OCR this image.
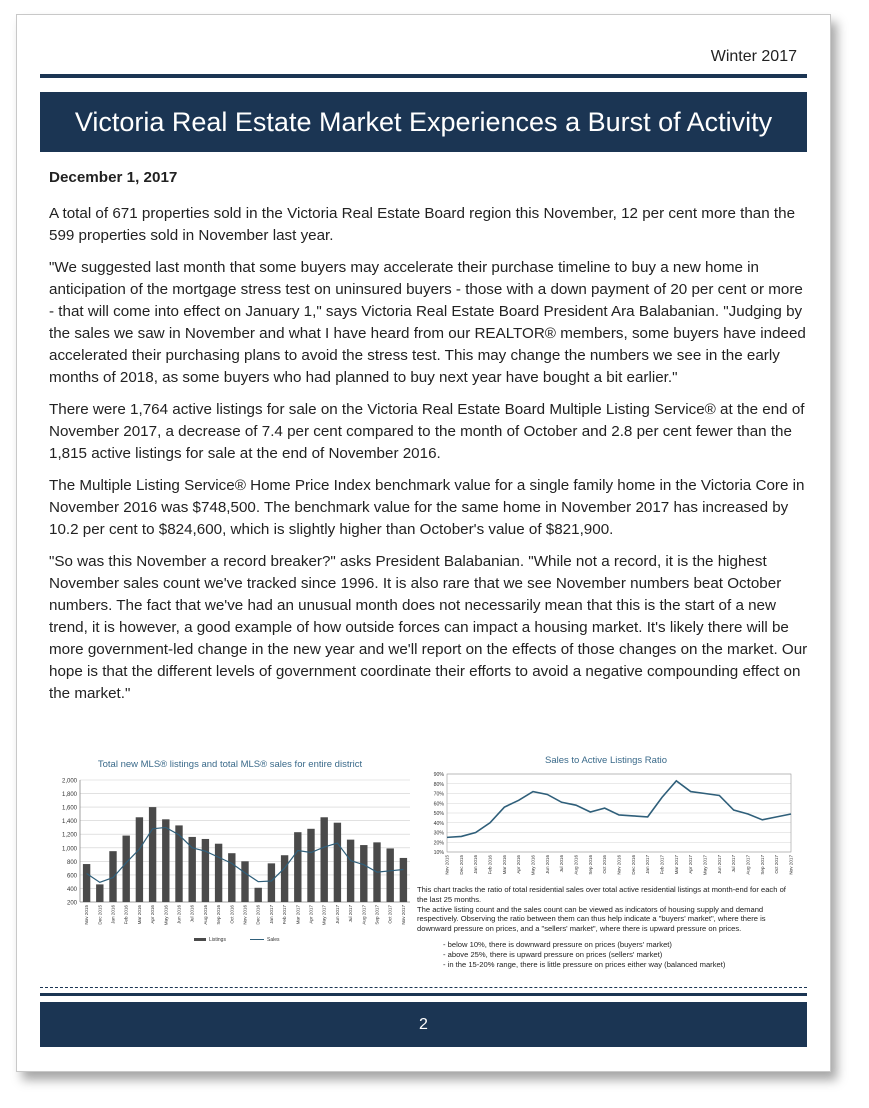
Winter 2017
Victoria Real Estate Market Experiences a Burst of Activity
December 1, 2017

A total of 671 properties sold in the Victoria Real Estate Board region this November, 12 per cent more than the 599 properties sold in November last year.

"We suggested last month that some buyers may accelerate their purchase timeline to buy a new home in anticipation of the mortgage stress test on uninsured buyers - those with a down payment of 20 per cent or more - that will come into effect on January 1," says Victoria Real Estate Board President Ara Balabanian. "Judging by the sales we saw in November and what I have heard from our REALTOR® members, some buyers have indeed accelerated their purchasing plans to avoid the stress test. This may change the numbers we see in the early months of 2018, as some buyers who had planned to buy next year have bought a bit earlier."

There were 1,764 active listings for sale on the Victoria Real Estate Board Multiple Listing Service® at the end of November 2017, a decrease of 7.4 per cent compared to the month of October and 2.8 per cent fewer than the 1,815 active listings for sale at the end of November 2016.

The Multiple Listing Service® Home Price Index benchmark value for a single family home in the Victoria Core in November 2016 was $748,500. The benchmark value for the same home in November 2017 has increased by 10.2 per cent to $824,600, which is slightly higher than October's value of $821,900.

"So was this November a record breaker?" asks President Balabanian. "While not a record, it is the highest November sales count we've tracked since 1996. It is also rare that we see November numbers beat October numbers. The fact that we've had an unusual month does not necessarily mean that this is the start of a new trend, it is however, a good example of how outside forces can impact a housing market. It's likely there will be more government-led change in the new year and we'll report on the effects of those changes on the market. Our hope is that the different levels of government coordinate their efforts to avoid a negative compounding effect on the market."

Total new MLS® listings and total MLS® sales for entire district
2,000
1,800
1,600
1,400
1,200
1,000
800
600
400
200
Nov 2015 Dec 2015 Jan 2016 Feb 2016 Mar 2016 Apr 2016 May 2016 Jun 2016 Jul 2016 Aug 2016 Sep 2016 Oct 2016 Nov 2016 Dec 2016 Jan 2017 Feb 2017 Mar 2017 Apr 2017 May 2017 Jun 2017 Jul 2017 Aug 2017 Sep 2017 Oct 2017 Nov 2017
Listings	Sales
Sales to Active Listings Ratio
90%
80%
70%
60%
50%
40%
30%
20%
10%
Nov 2015 Dec 2015 Jan 2016 Feb 2016 Mar 2016 Apr 2016 May 2016 Jun 2016 Jul 2016 Aug 2016 Sep 2016 Oct 2016 Nov 2016 Dec 2016 Jan 2017 Feb 2017 Mar 2017 Apr 2017 May 2017 Jun 2017 Jul 2017 Aug 2017 Sep 2017 Oct 2017 Nov 2017
This chart tracks the ratio of total residential sales over total active residential listings at month-end for each of the last 25 months.
The active listing count and the sales count can be viewed as indicators of housing supply and demand respectively. Observing the ratio between them can thus help indicate a "buyers' market", where there is downward pressure on prices, and a "sellers' market", where there is upward pressure on prices.
- below 10%, there is downward pressure on prices (buyers' market)
- above 25%, there is upward pressure on prices (sellers' market)
- in the 15-20% range, there is little pressure on prices either way (balanced market)
2
